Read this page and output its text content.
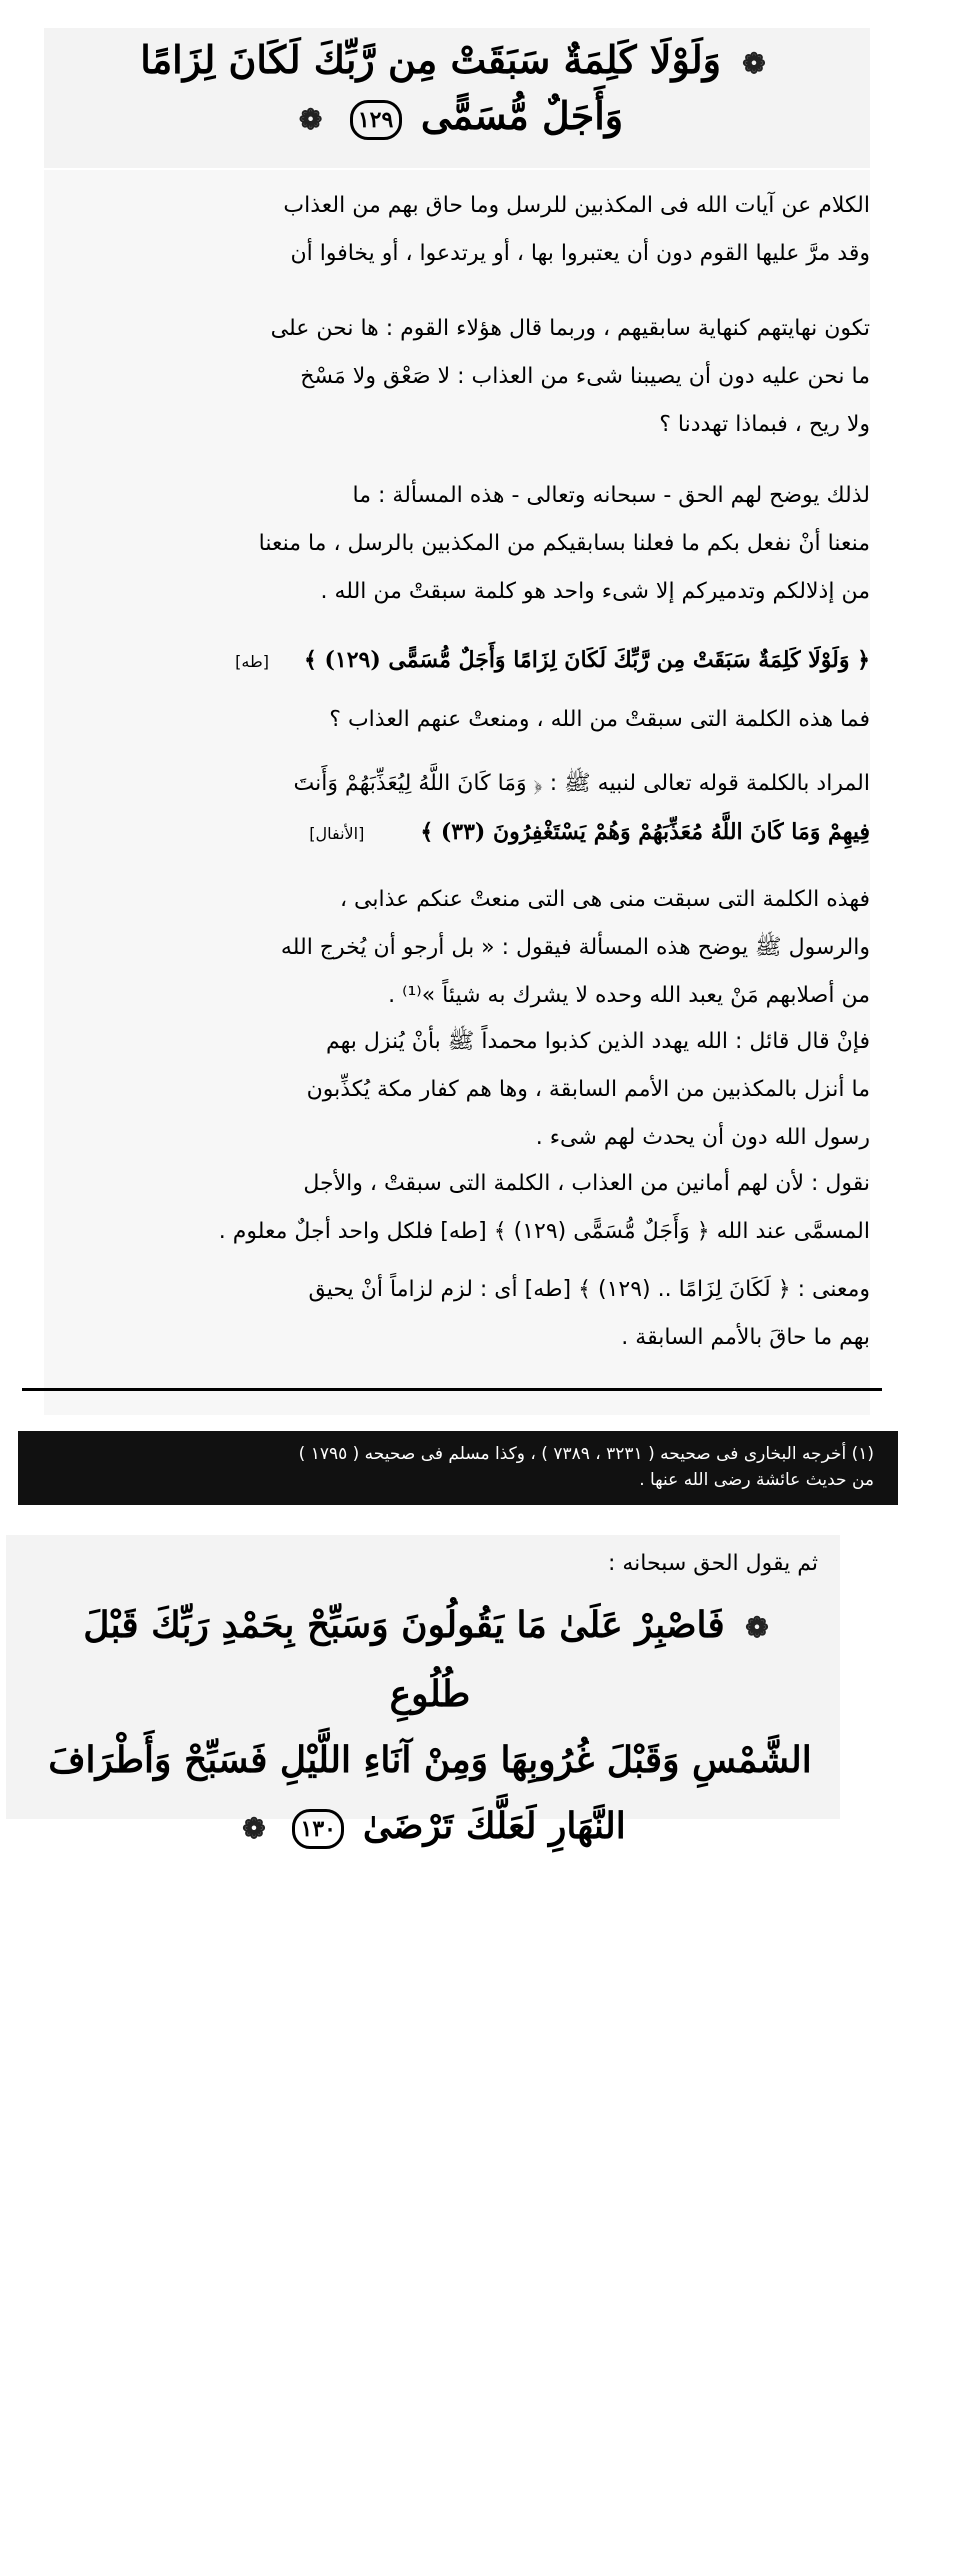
❁ وَلَوْلَا كَلِمَةٌ سَبَقَتْ مِن رَّبِّكَ لَكَانَ لِزَامًا
وَأَجَلٌ مُّسَمًّى ١٢٩ ❁
الكلام عن آيات الله فى المكذبين للرسل وما حاق بهم من العذاب
وقد مرَّ عليها القوم دون أن يعتبروا بها ، أو يرتدعوا ، أو يخافوا أن
تكون نهايتهم كنهاية سابقيهم ، وربما قال هؤلاء القوم : ها نحن على
ما نحن عليه دون أن يصيبنا شىء من العذاب : لا صَعْق ولا مَسْخ
ولا ريح ، فبماذا تهددنا ؟
لذلك يوضح لهم الحق - سبحانه وتعالى - هذه المسألة : ما
منعنا أنْ نفعل بكم ما فعلنا بسابقيكم من المكذبين بالرسل ، ما منعنا
من إذلالكم وتدميركم إلا شىء واحد هو كلمة سبقتْ من الله .
﴿ وَلَوْلَا كَلِمَةٌ سَبَقَتْ مِن رَّبِّكَ لَكَانَ لِزَامًا وَأَجَلٌ مُّسَمًّى (١٢٩) ﴾     [طه]
فما هذه الكلمة التى سبقتْ من الله ، ومنعتْ عنهم العذاب ؟
المراد بالكلمة قوله تعالى لنبيه ﷺ : ﴿ وَمَا كَانَ اللَّهُ لِيُعَذِّبَهُمْ وَأَنتَ
فِيهِمْ وَمَا كَانَ اللَّهُ مُعَذِّبَهُمْ وَهُمْ يَسْتَغْفِرُونَ (٣٣) ﴾        [الأنفال]
فهذه الكلمة التى سبقت منى هى التى منعتْ عنكم عذابى ،
والرسول ﷺ يوضح هذه المسألة فيقول : « بل أرجو أن يُخرج الله
من أصلابهم مَنْ يعبد الله وحده لا يشرك به شيئاً »⁽¹⁾ .
فإنْ قال قائل : الله يهدد الذين كذبوا محمداً ﷺ بأنْ يُنزل بهم
ما أنزل بالمكذبين من الأمم السابقة ، وها هم كفار مكة يُكذِّبون
رسول الله دون أن يحدث لهم شىء .
نقول : لأن لهم أمانين من العذاب ، الكلمة التى سبقتْ ، والأجل
المسمَّى عند الله ﴿ وَأَجَلٌ مُّسَمًّى (١٢٩) ﴾ [طه] فلكل واحد أجلٌ معلوم .
ومعنى : ﴿ لَكَانَ لِزَامًا .. (١٢٩) ﴾ [طه] أى : لزم لزاماً أنْ يحيق
بهم ما حاقَ بالأمم السابقة .
(١) أخرجه البخارى فى صحيحه ( ٣٢٣١ ، ٧٣٨٩ ) ، وكذا مسلم فى صحيحه ( ١٧٩٥ )
من حديث عائشة رضى الله عنها .
ثم يقول الحق سبحانه :
❁ فَاصْبِرْ عَلَىٰ مَا يَقُولُونَ وَسَبِّحْ بِحَمْدِ رَبِّكَ قَبْلَ طُلُوعِ
الشَّمْسِ وَقَبْلَ غُرُوبِهَا وَمِنْ آنَاءِ اللَّيْلِ فَسَبِّحْ وَأَطْرَافَ
النَّهَارِ لَعَلَّكَ تَرْضَىٰ ١٣٠ ❁
